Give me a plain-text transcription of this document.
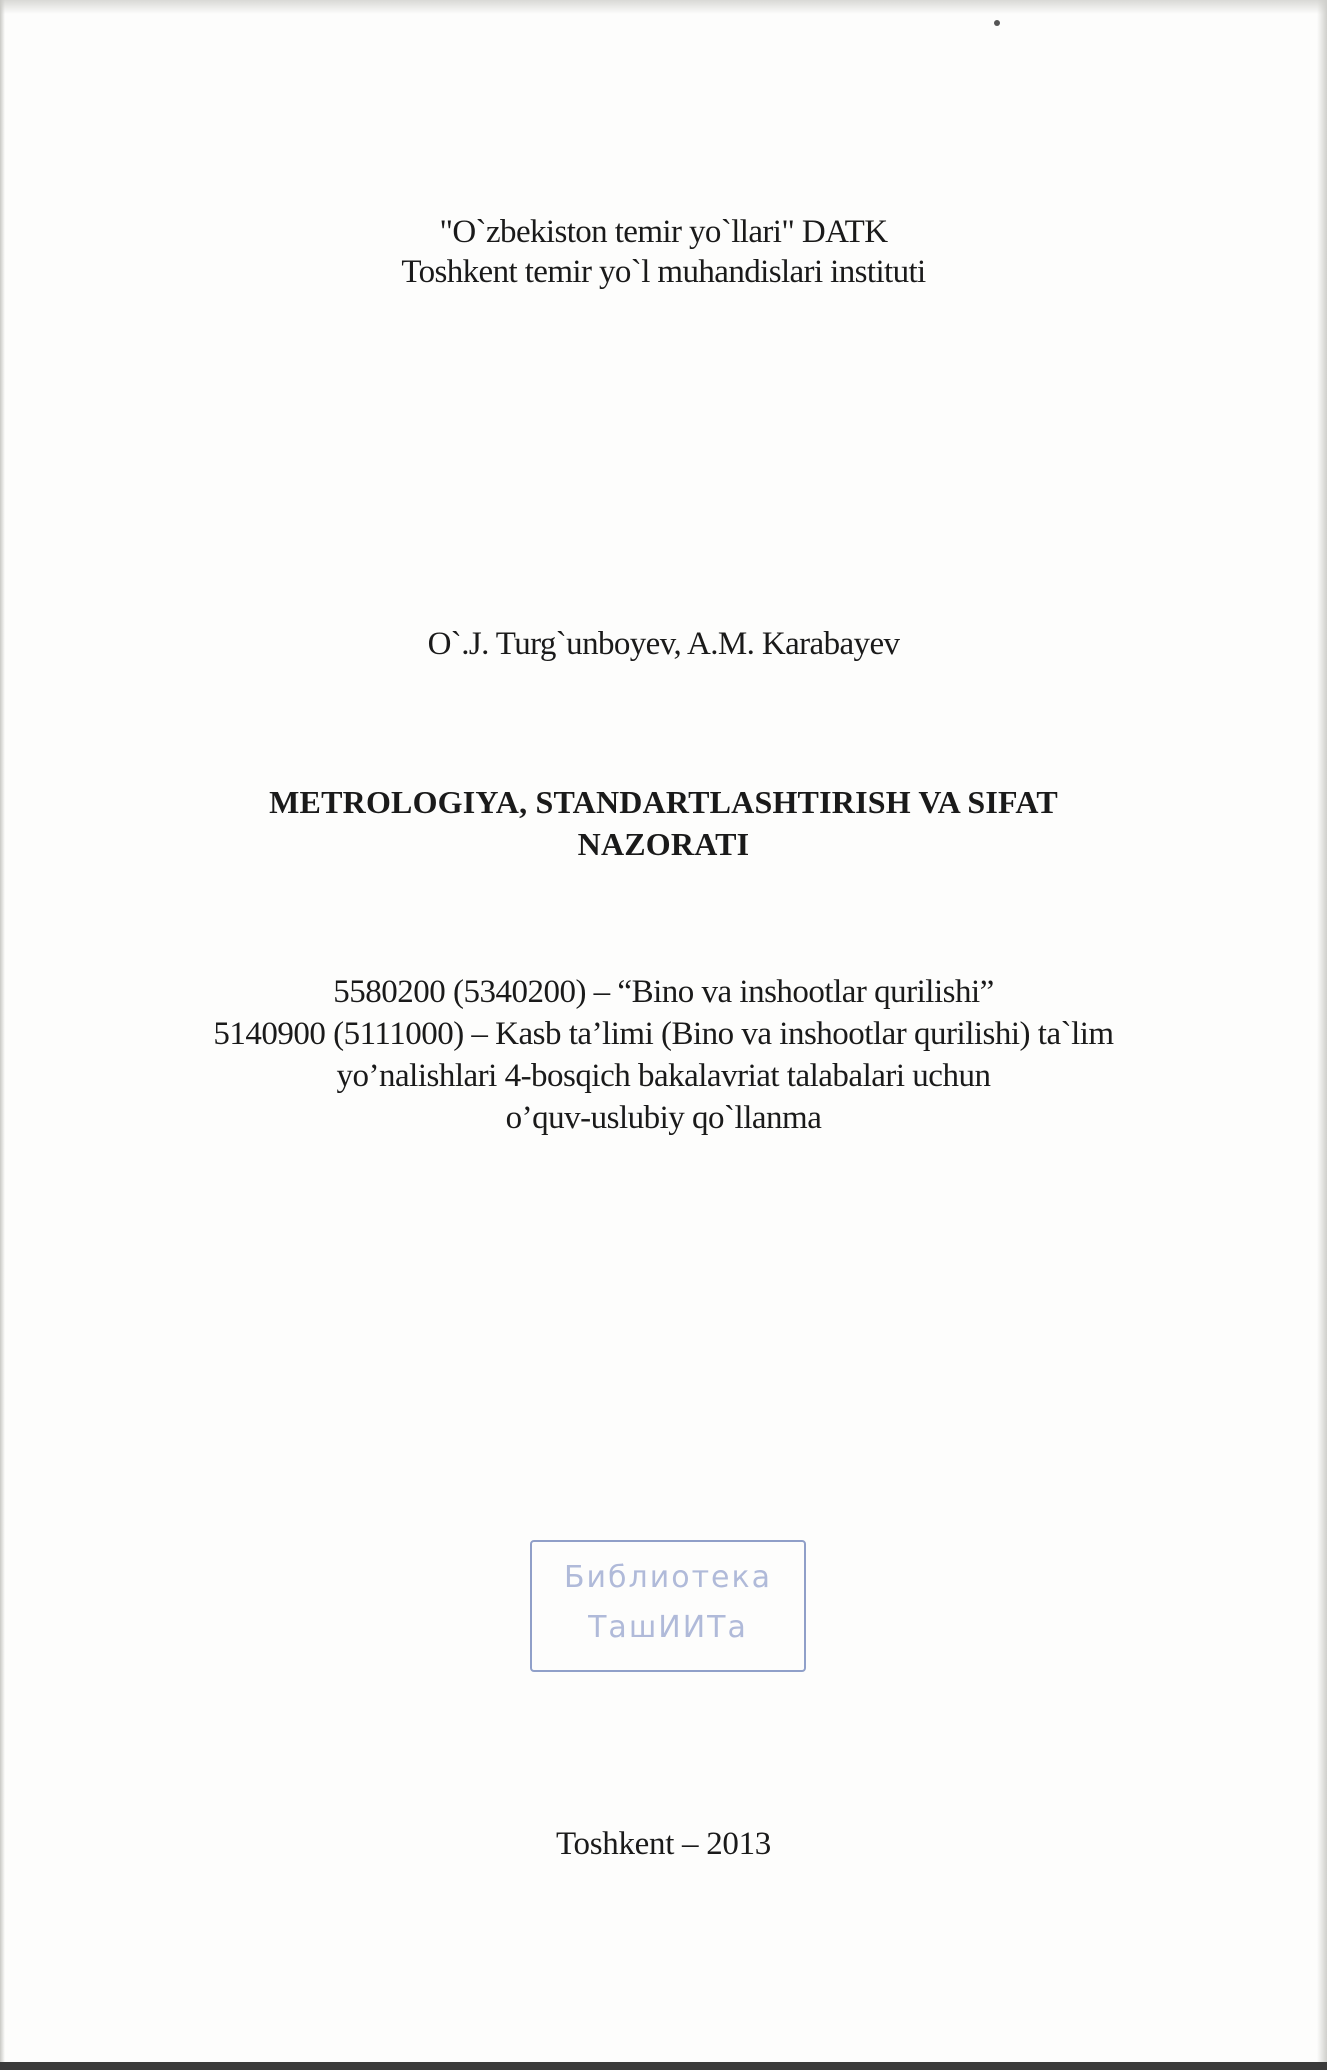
"O`zbekiston temir yo`llari" DATK
Toshkent temir yo`l muhandislari instituti
O`.J. Turg`unboyev, A.M. Karabayev
METROLOGIYA, STANDARTLASHTIRISH VA SIFAT
NAZORATI
5580200 (5340200) – “Bino va inshootlar qurilishi”
5140900 (5111000) – Kasb ta’limi (Bino va inshootlar qurilishi) ta`lim
yo’nalishlari 4-bosqich bakalavriat talabalari uchun
o’quv-uslubiy qo`llanma
Библиотека
ТашИИТа
Toshkent – 2013
